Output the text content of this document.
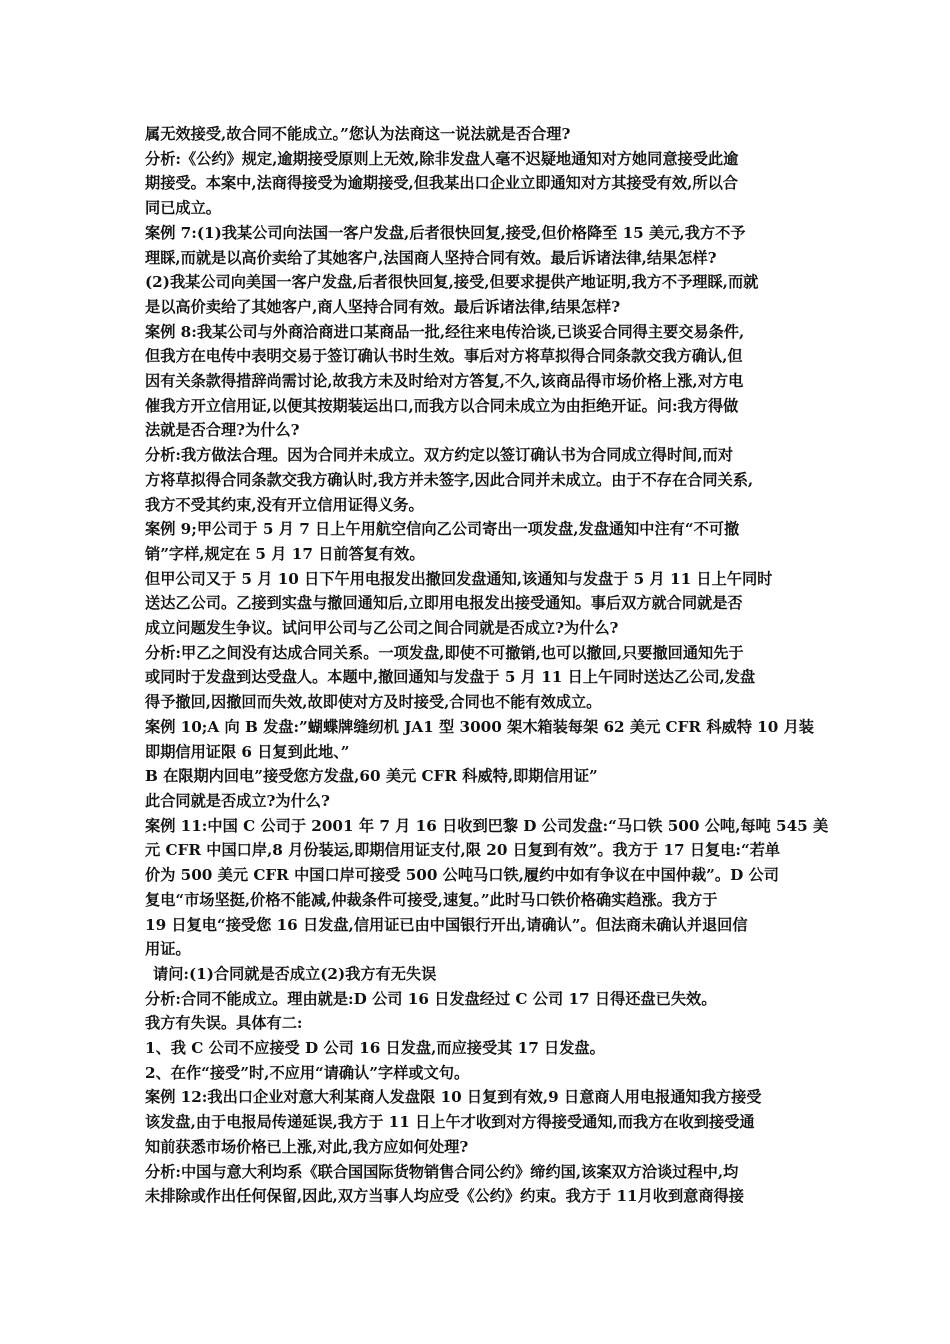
属无效接受,故合同不能成立。”您认为法商这一说法就是否合理?

分析:《公约》规定,逾期接受原则上无效,除非发盘人毫不迟疑地通知对方她同意接受此逾

期接受。本案中,法商得接受为逾期接受,但我某出口企业立即通知对方其接受有效,所以合

同已成立。

案例 7:(1)我某公司向法国一客户发盘,后者很快回复,接受,但价格降至 15 美元,我方不予

理睬,而就是以高价卖给了其她客户,法国商人坚持合同有效。最后诉诸法律,结果怎样?

(2)我某公司向美国一客户发盘,后者很快回复,接受,但要求提供产地证明,我方不予理睬,而就

是以高价卖给了其她客户,商人坚持合同有效。最后诉诸法律,结果怎样?

案例 8:我某公司与外商洽商进口某商品一批,经往来电传洽谈,已谈妥合同得主要交易条件,

但我方在电传中表明交易于签订确认书时生效。事后对方将草拟得合同条款交我方确认,但

因有关条款得措辞尚需讨论,故我方未及时给对方答复,不久,该商品得市场价格上涨,对方电

催我方开立信用证,以便其按期装运出口,而我方以合同未成立为由拒绝开证。问:我方得做

法就是否合理?为什么?

分析:我方做法合理。因为合同并未成立。双方约定以签订确认书为合同成立得时间,而对

方将草拟得合同条款交我方确认时,我方并未签字,因此合同并未成立。由于不存在合同关系,

我方不受其约束,没有开立信用证得义务。

案例 9;甲公司于 5 月 7 日上午用航空信向乙公司寄出一项发盘,发盘通知中注有“不可撤

销”字样,规定在 5 月 17 日前答复有效。

但甲公司又于 5 月 10 日下午用电报发出撤回发盘通知,该通知与发盘于 5 月 11 日上午同时

送达乙公司。乙接到实盘与撤回通知后,立即用电报发出接受通知。事后双方就合同就是否

成立问题发生争议。试问甲公司与乙公司之间合同就是否成立?为什么?

分析:甲乙之间没有达成合同关系。一项发盘,即使不可撤销,也可以撤回,只要撤回通知先于

或同时于发盘到达受盘人。本题中,撤回通知与发盘于 5 月 11 日上午同时送达乙公司,发盘

得予撤回,因撤回而失效,故即使对方及时接受,合同也不能有效成立。

案例 10;A 向 B 发盘:”蝴蝶牌缝纫机 JA1 型 3000 架木箱装每架 62 美元 CFR 科威特 10 月装

即期信用证限 6 日复到此地、”

B 在限期内回电”接受您方发盘,60 美元 CFR 科威特,即期信用证”

此合同就是否成立?为什么?

案例 11:中国 C 公司于 2001 年 7 月 16 日收到巴黎 D 公司发盘:“马口铁 500 公吨,每吨 545 美

元 CFR 中国口岸,8 月份装运,即期信用证支付,限 20 日复到有效”。我方于 17 日复电:“若单

价为 500 美元 CFR 中国口岸可接受 500 公吨马口铁,履约中如有争议在中国仲裁”。D 公司

复电“市场坚挺,价格不能减,仲裁条件可接受,速复。”此时马口铁价格确实趋涨。我方于

19 日复电“接受您 16 日发盘,信用证已由中国银行开出,请确认”。但法商未确认并退回信

用证。

请问:(1)合同就是否成立(2)我方有无失误

分析:合同不能成立。理由就是:D 公司 16 日发盘经过 C 公司 17 日得还盘已失效。

我方有失误。具体有二:

1、我 C 公司不应接受 D 公司 16 日发盘,而应接受其 17 日发盘。

2、在作“接受”时,不应用“请确认”字样或文句。

案例 12:我出口企业对意大利某商人发盘限 10 日复到有效,9 日意商人用电报通知我方接受

该发盘,由于电报局传递延误,我方于 11 日上午才收到对方得接受通知,而我方在收到接受通

知前获悉市场价格已上涨,对此,我方应如何处理?

分析:中国与意大利均系《联合国国际货物销售合同公约》缔约国,该案双方洽谈过程中,均

未排除或作出任何保留,因此,双方当事人均应受《公约》约束。我方于 11月收到意商得接
